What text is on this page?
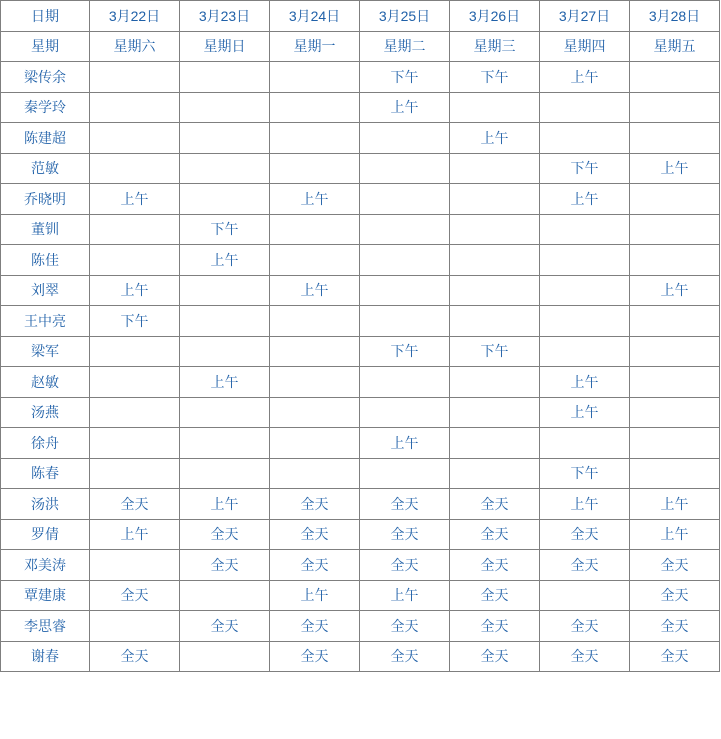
日期	3月22日	3月23日	3月24日	3月25日	3月26日	3月27日	3月28日
星期	星期六	星期日	星期一	星期二	星期三	星期四	星期五
梁传余				下午	下午	上午	
秦学玲				上午			
陈建超					上午		
范敏						下午	上午
乔晓明	上午		上午			上午	
董钏		下午					
陈佳		上午					
刘翠	上午		上午				上午
王中亮	下午						
梁军				下午	下午		
赵敏		上午				上午	
汤燕						上午	
徐舟				上午			
陈春						下午	
汤洪	全天	上午	全天	全天	全天	上午	上午
罗倩	上午	全天	全天	全天	全天	全天	上午
邓美涛		全天	全天	全天	全天	全天	全天
覃建康	全天		上午	上午	全天		全天
李思睿		全天	全天	全天	全天	全天	全天
谢春	全天		全天	全天	全天	全天	全天
